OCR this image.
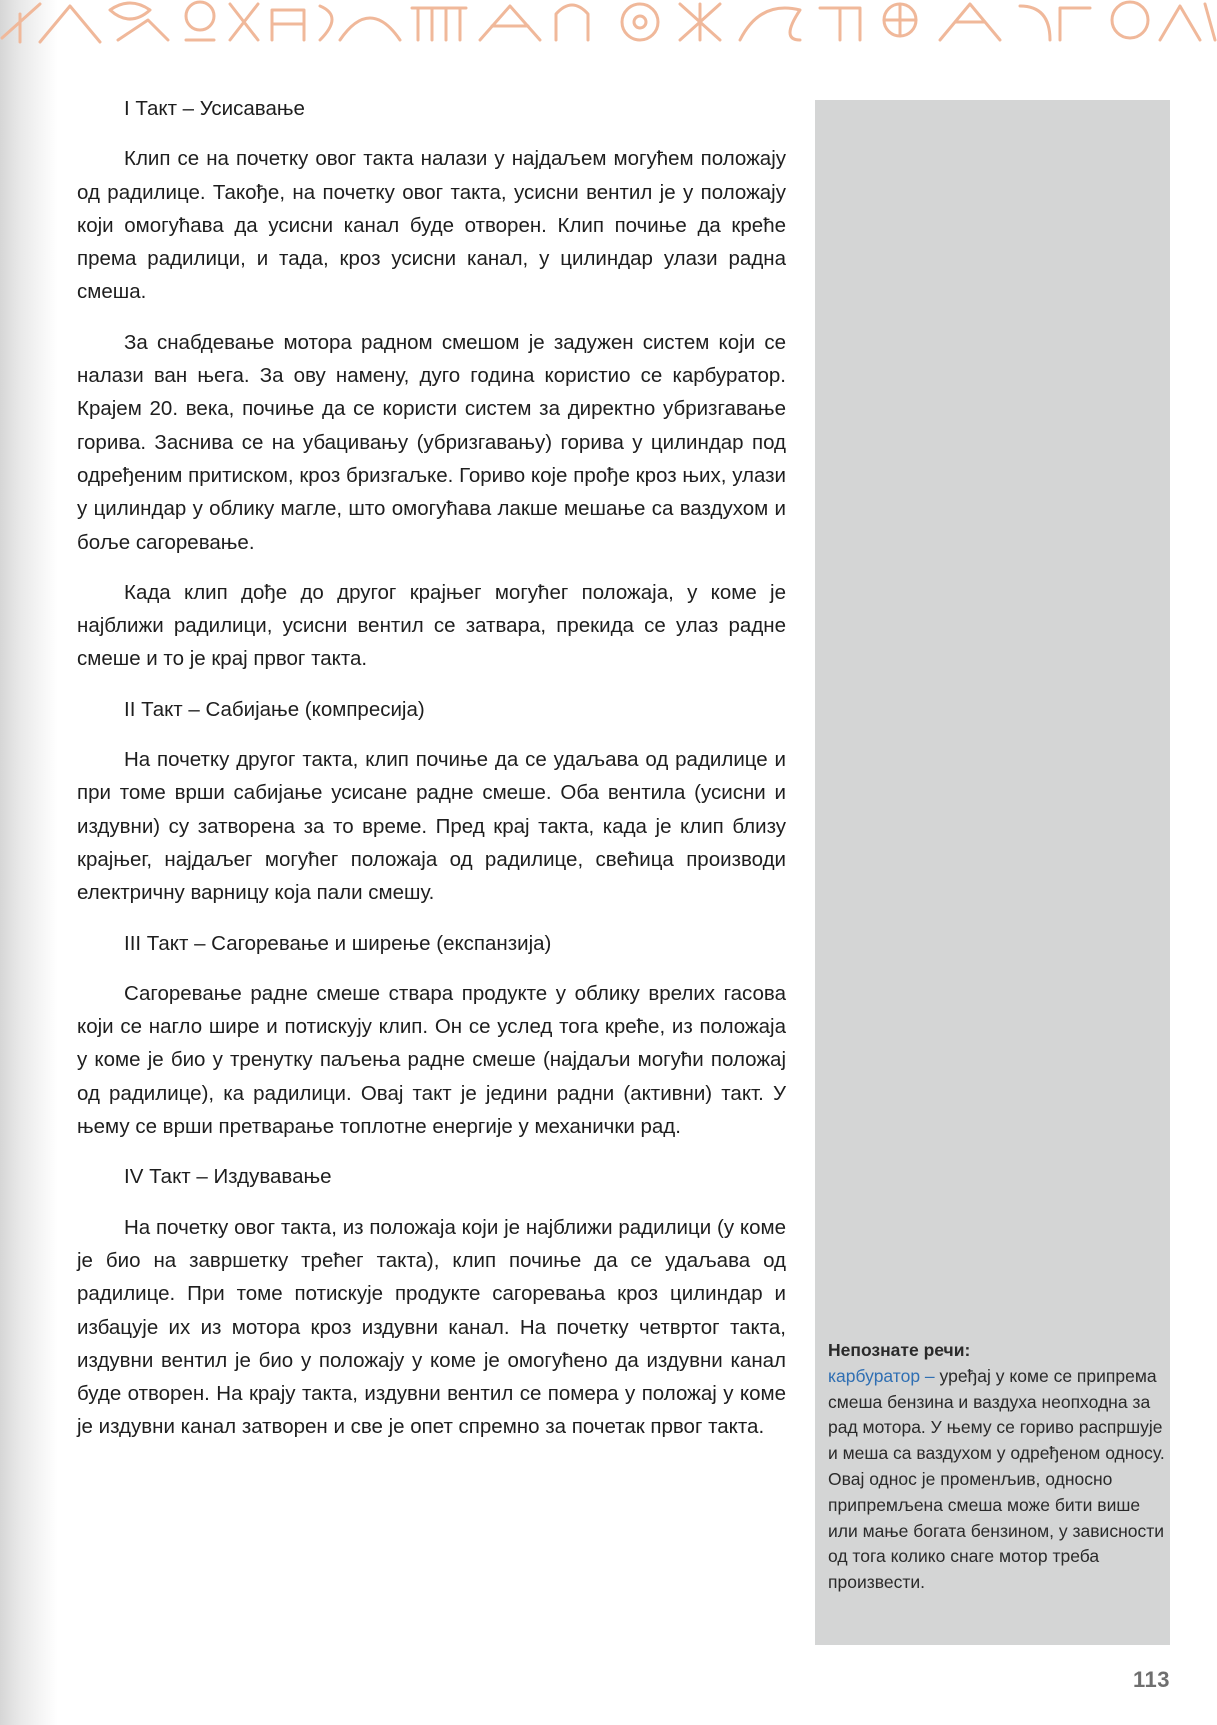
I Такт – Усисавање

Клип се на почетку овог такта налази у најдаљем могућем положају од радилице. Такође, на почетку овог такта, усисни вентил је у положају који омогућава да усисни канал буде отворен. Клип почиње да креће према радилици, и тада, кроз усисни канал, у цилиндар улази радна смеша.

За снабдевање мотора радном смешом је задужен систем који се налази ван њега. За ову намену, дуго година користио се карбуратор. Крајем 20. века, почиње да се користи систем за директно убризгавање горива. Заснива се на убацивању (убризгавању) горива у цилиндар под одређеним притиском, кроз бризгаљке. Гориво које прође кроз њих, улази у цилиндар у облику магле, што омогућава лакше мешање са ваздухом и боље сагоревање.

Када клип дође до другог крајњег могућег положаја, у коме је најближи радилици, усисни вентил се затвара, прекида се улаз радне смеше и то је крај првог такта.

II Такт – Сабијање (компресија)

На почетку другог такта, клип почиње да се удаљава од радилице и при томе врши сабијање усисане радне смеше. Оба вентила (усисни и издувни) су затворена за то време. Пред крај такта, када је клип близу крајњег, најдаљег могућег положаја од радилице, свећица производи електричну варницу која пали смешу.

III Такт – Сагоревање и ширење (експанзија)

Сагоревање радне смеше ствара продукте у облику врелих гасова који се нагло шире и потискују клип. Он се услед тога креће, из положаја у коме је био у тренутку паљења радне смеше (најдаљи могући положај од радилице), ка радилици. Овај такт је једини радни (активни) такт. У њему се врши претварање топлотне енергије у механички рад.

IV Такт – Издувавање

На почетку овог такта, из положаја који је најближи радилици (у коме је био на завршетку трећег такта), клип почиње да се удаљава од радилице. При томе потискује продукте сагоревања кроз цилиндар и избацује их из мотора кроз издувни канал. На почетку четвртог такта, издувни вентил је био у положају у коме је омогућено да издувни канал буде отворен. На крају такта, издувни вентил се помера у положај у коме је издувни канал затворен и све је опет спремно за почетак првог такта.

Непознате речи:
карбуратор – уређај у коме се припрема смеша бензина и ваздуха неопходна за рад мотора. У њему се гориво распршује и меша са ваздухом у одређеном односу. Овај однос је променљив, односно припремљена смеша може бити више или мање богата бензином, у зависности од тога колико снаге мотор треба произвести.
113
